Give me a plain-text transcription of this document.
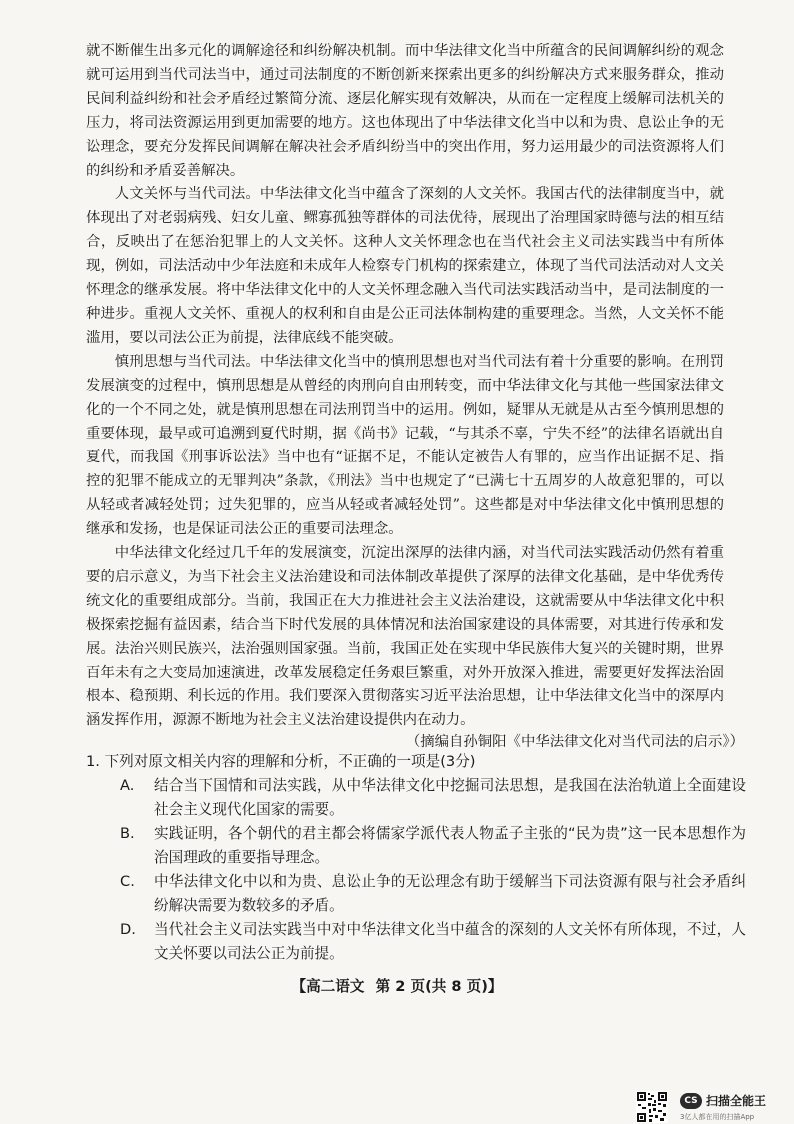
就不断催生出多元化的调解途径和纠纷解决机制。而中华法律文化当中所蕴含的民间调解纠纷的观念就可运用到当代司法当中，通过司法制度的不断创新来探索出更多的纠纷解决方式来服务群众，推动民间利益纠纷和社会矛盾经过繁简分流、逐层化解实现有效解决，从而在一定程度上缓解司法机关的压力，将司法资源运用到更加需要的地方。这也体现出了中华法律文化当中以和为贵、息讼止争的无讼理念，要充分发挥民间调解在解决社会矛盾纠纷当中的突出作用，努力运用最少的司法资源将人们的纠纷和矛盾妥善解决。

人文关怀与当代司法。中华法律文化当中蕴含了深刻的人文关怀。我国古代的法律制度当中，就体现出了对老弱病残、妇女儿童、鳏寡孤独等群体的司法优待，展现出了治理国家時德与法的相互结合，反映出了在惩治犯罪上的人文关怀。这种人文关怀理念也在当代社会主义司法实践当中有所体现，例如，司法活动中少年法庭和未成年人检察专门机构的探索建立，体现了当代司法活动对人文关怀理念的继承发展。将中华法律文化中的人文关怀理念融入当代司法实践活动当中，是司法制度的一种进步。重视人文关怀、重视人的权利和自由是公正司法体制构建的重要理念。当然，人文关怀不能滥用，要以司法公正为前提，法律底线不能突破。

慎刑思想与当代司法。中华法律文化当中的慎刑思想也对当代司法有着十分重要的影响。在刑罚发展演变的过程中，慎刑思想是从曾经的肉刑向自由刑转变，而中华法律文化与其他一些国家法律文化的一个不同之处，就是慎刑思想在司法刑罚当中的运用。例如，疑罪从无就是从古至今慎刑思想的重要体现，最早或可追溯到夏代时期，据《尚书》记载，“与其杀不辜，宁失不经”的法律名语就出自夏代，而我国《刑事诉讼法》当中也有“证据不足，不能认定被告人有罪的，应当作出证据不足、指控的犯罪不能成立的无罪判决”条款，《刑法》当中也规定了“已满七十五周岁的人故意犯罪的，可以从轻或者减轻处罚；过失犯罪的，应当从轻或者减轻处罚”。这些都是对中华法律文化中慎刑思想的继承和发扬，也是保证司法公正的重要司法理念。

中华法律文化经过几千年的发展演变，沉淀出深厚的法律内涵，对当代司法实践活动仍然有着重要的启示意义，为当下社会主义法治建设和司法体制改革提供了深厚的法律文化基础，是中华优秀传统文化的重要组成部分。当前，我国正在大力推进社会主义法治建设，这就需要从中华法律文化中积极探索挖掘有益因素，结合当下时代发展的具体情况和法治国家建设的具体需要，对其进行传承和发展。法治兴则民族兴，法治强则国家强。当前，我国正处在实现中华民族伟大复兴的关键时期，世界百年未有之大变局加速演进，改革发展稳定任务艰巨繁重，对外开放深入推进，需要更好发挥法治固根本、稳预期、利长远的作用。我们要深入贯彻落实习近平法治思想，让中华法律文化当中的深厚内涵发挥作用，源源不断地为社会主义法治建设提供内在动力。

（摘编自孙铜阳《中华法律文化对当代司法的启示》）

1. 下列对原文相关内容的理解和分析，不正确的一项是(3分)

A.	结合当下国情和司法实践，从中华法律文化中挖掘司法思想，是我国在法治轨道上全面建设社会主义现代化国家的需要。
B.	实践证明，各个朝代的君主都会将儒家学派代表人物孟子主张的“民为贵”这一民本思想作为治国理政的重要指导理念。
C.	中华法律文化中以和为贵、息讼止争的无讼理念有助于缓解当下司法资源有限与社会矛盾纠纷解决需要为数较多的矛盾。
D.	当代社会主义司法实践当中对中华法律文化当中蕴含的深刻的人文关怀有所体现，不过，人文关怀要以司法公正为前提。
【高二语文 第 2 页(共 8 页)】
CS 扫描全能王
3亿人都在用的扫描App
